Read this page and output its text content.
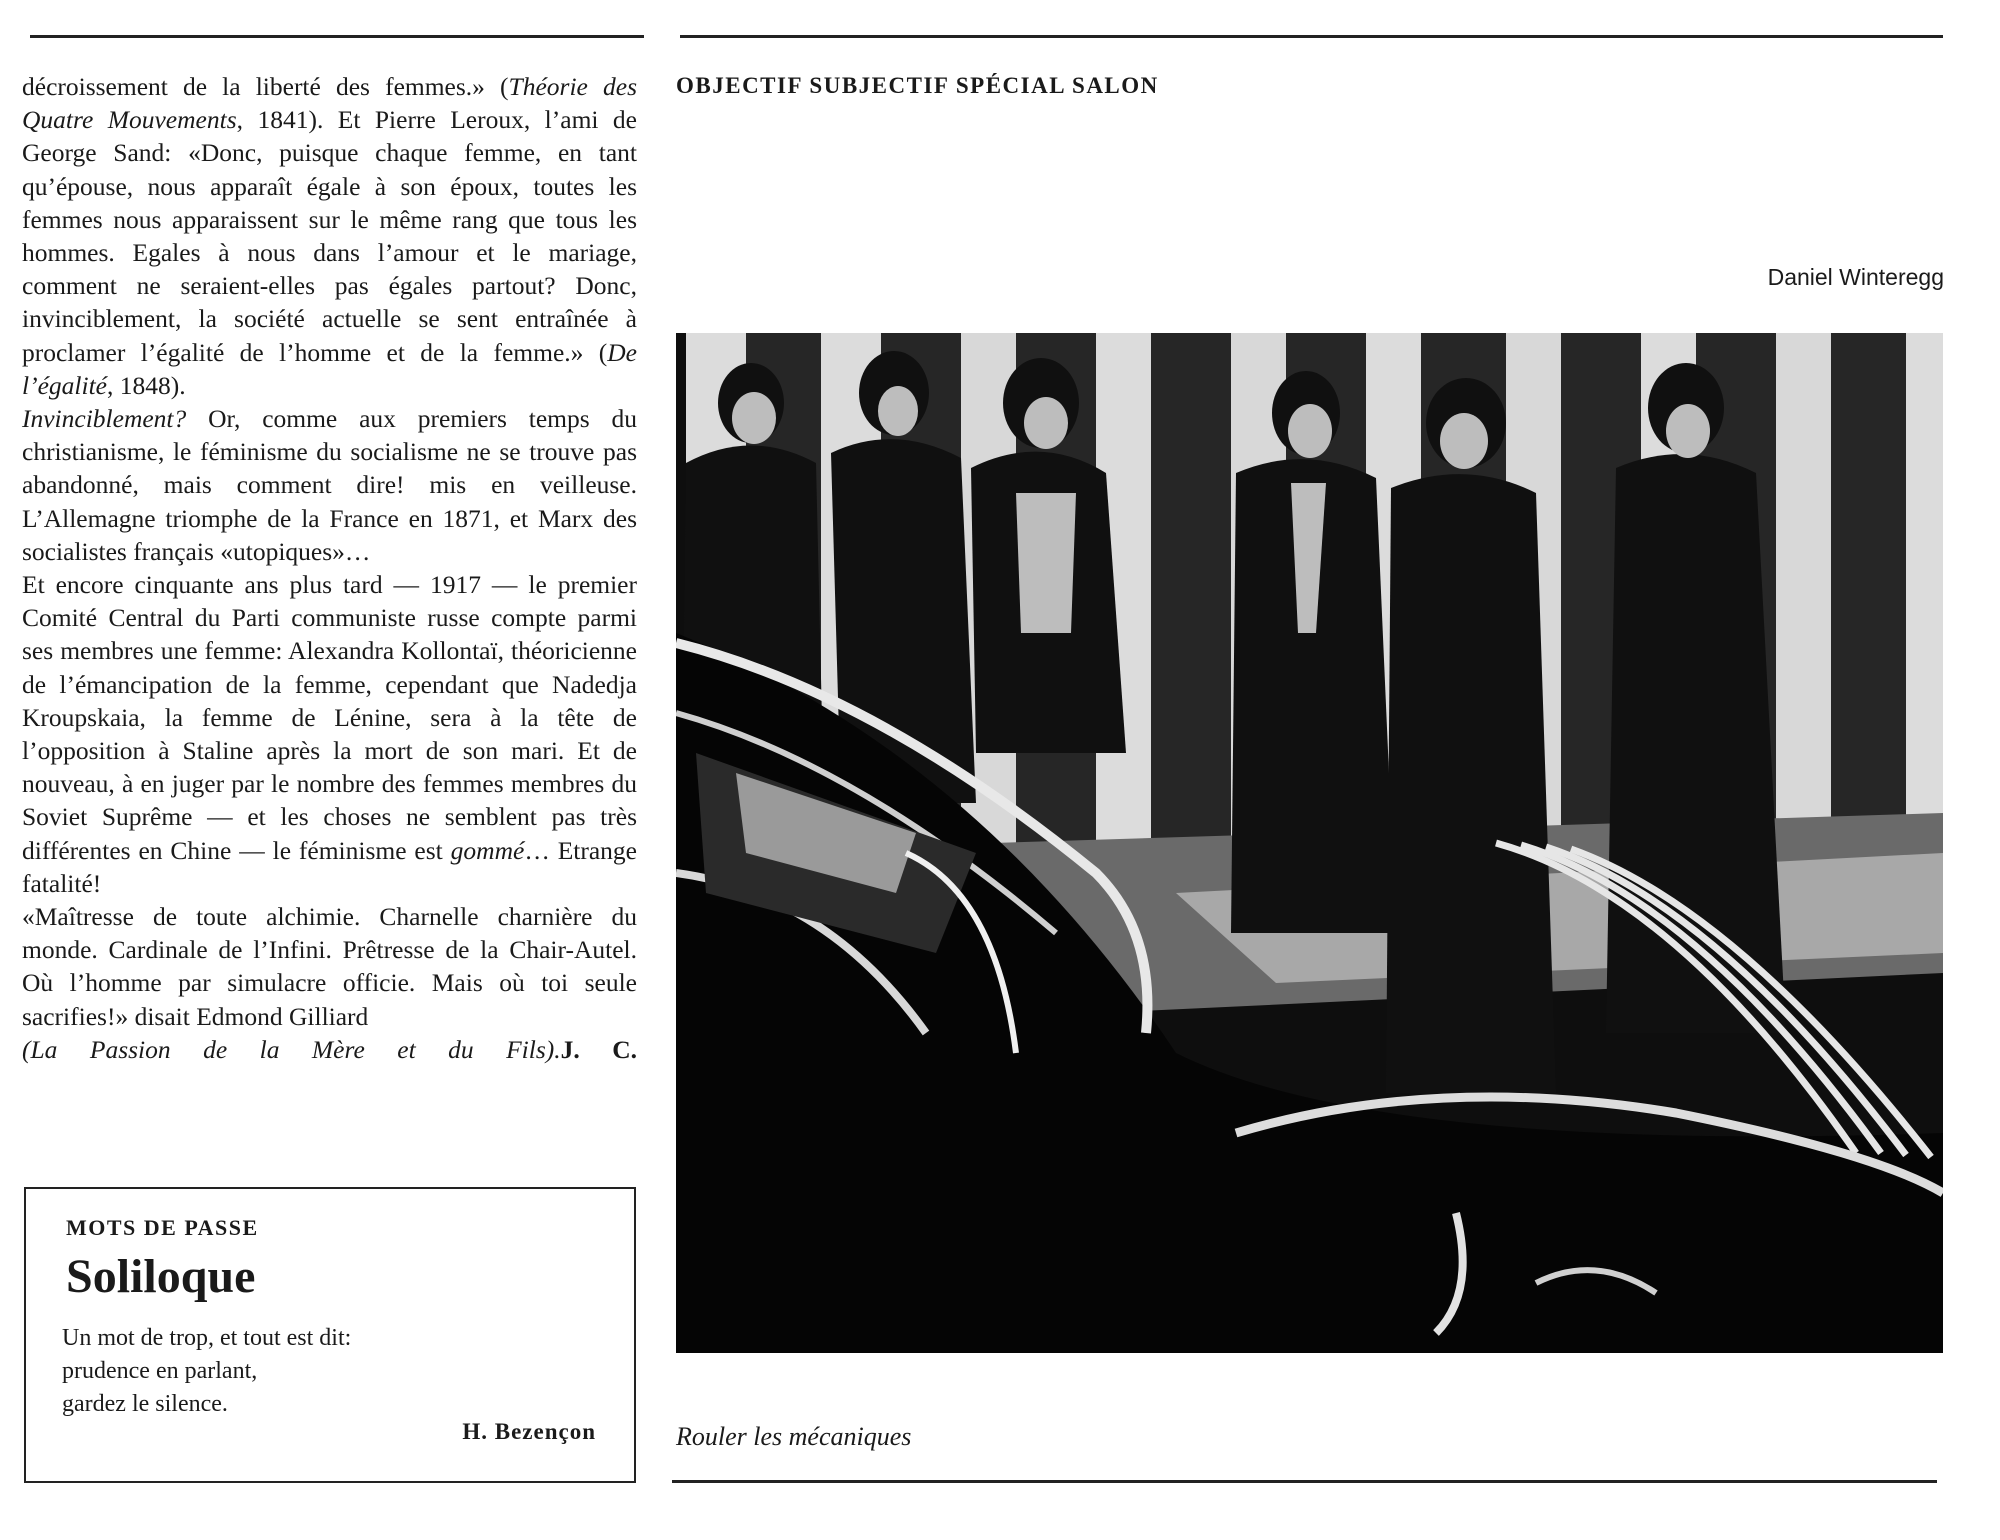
décroissement de la liberté des femmes.» (Théorie des Quatre Mouvements, 1841). Et Pierre Leroux, l’ami de George Sand: «Donc, puisque chaque femme, en tant qu’épouse, nous apparaît égale à son époux, toutes les femmes nous apparaissent sur le même rang que tous les hommes. Egales à nous dans l’amour et le mariage, comment ne seraient-elles pas égales partout? Donc, invinciblement, la société actuelle se sent entraînée à proclamer l’égalité de l’homme et de la femme.» (De l’égalité, 1848).

Invinciblement? Or, comme aux premiers temps du christianisme, le féminisme du socialisme ne se trouve pas abandonné, mais comment dire! mis en veilleuse. L’Allemagne triomphe de la France en 1871, et Marx des socialistes français «utopiques»…

Et encore cinquante ans plus tard — 1917 — le premier Comité Central du Parti communiste russe compte parmi ses membres une femme: Alexandra Kollontaï, théoricienne de l’émancipation de la femme, cependant que Nadedja Kroupskaia, la femme de Lénine, sera à la tête de l’opposition à Staline après la mort de son mari. Et de nouveau, à en juger par le nombre des femmes membres du Soviet Suprême — et les choses ne semblent pas très différentes en Chine — le féminisme est gommé… Etrange fatalité!

«Maîtresse de toute alchimie. Charnelle charnière du monde. Cardinale de l’Infini. Prêtresse de la Chair-Autel. Où l’homme par simulacre officie. Mais où toi seule sacrifies!» disait Edmond Gilliard

(La Passion de la Mère et du Fils).J. C.

MOTS DE PASSE
Soliloque
Un mot de trop, et tout est dit:
prudence en parlant,
gardez le silence.
H. Bezençon
OBJECTIF SUBJECTIF SPÉCIAL SALON
Daniel Winteregg
Rouler les mécaniques
